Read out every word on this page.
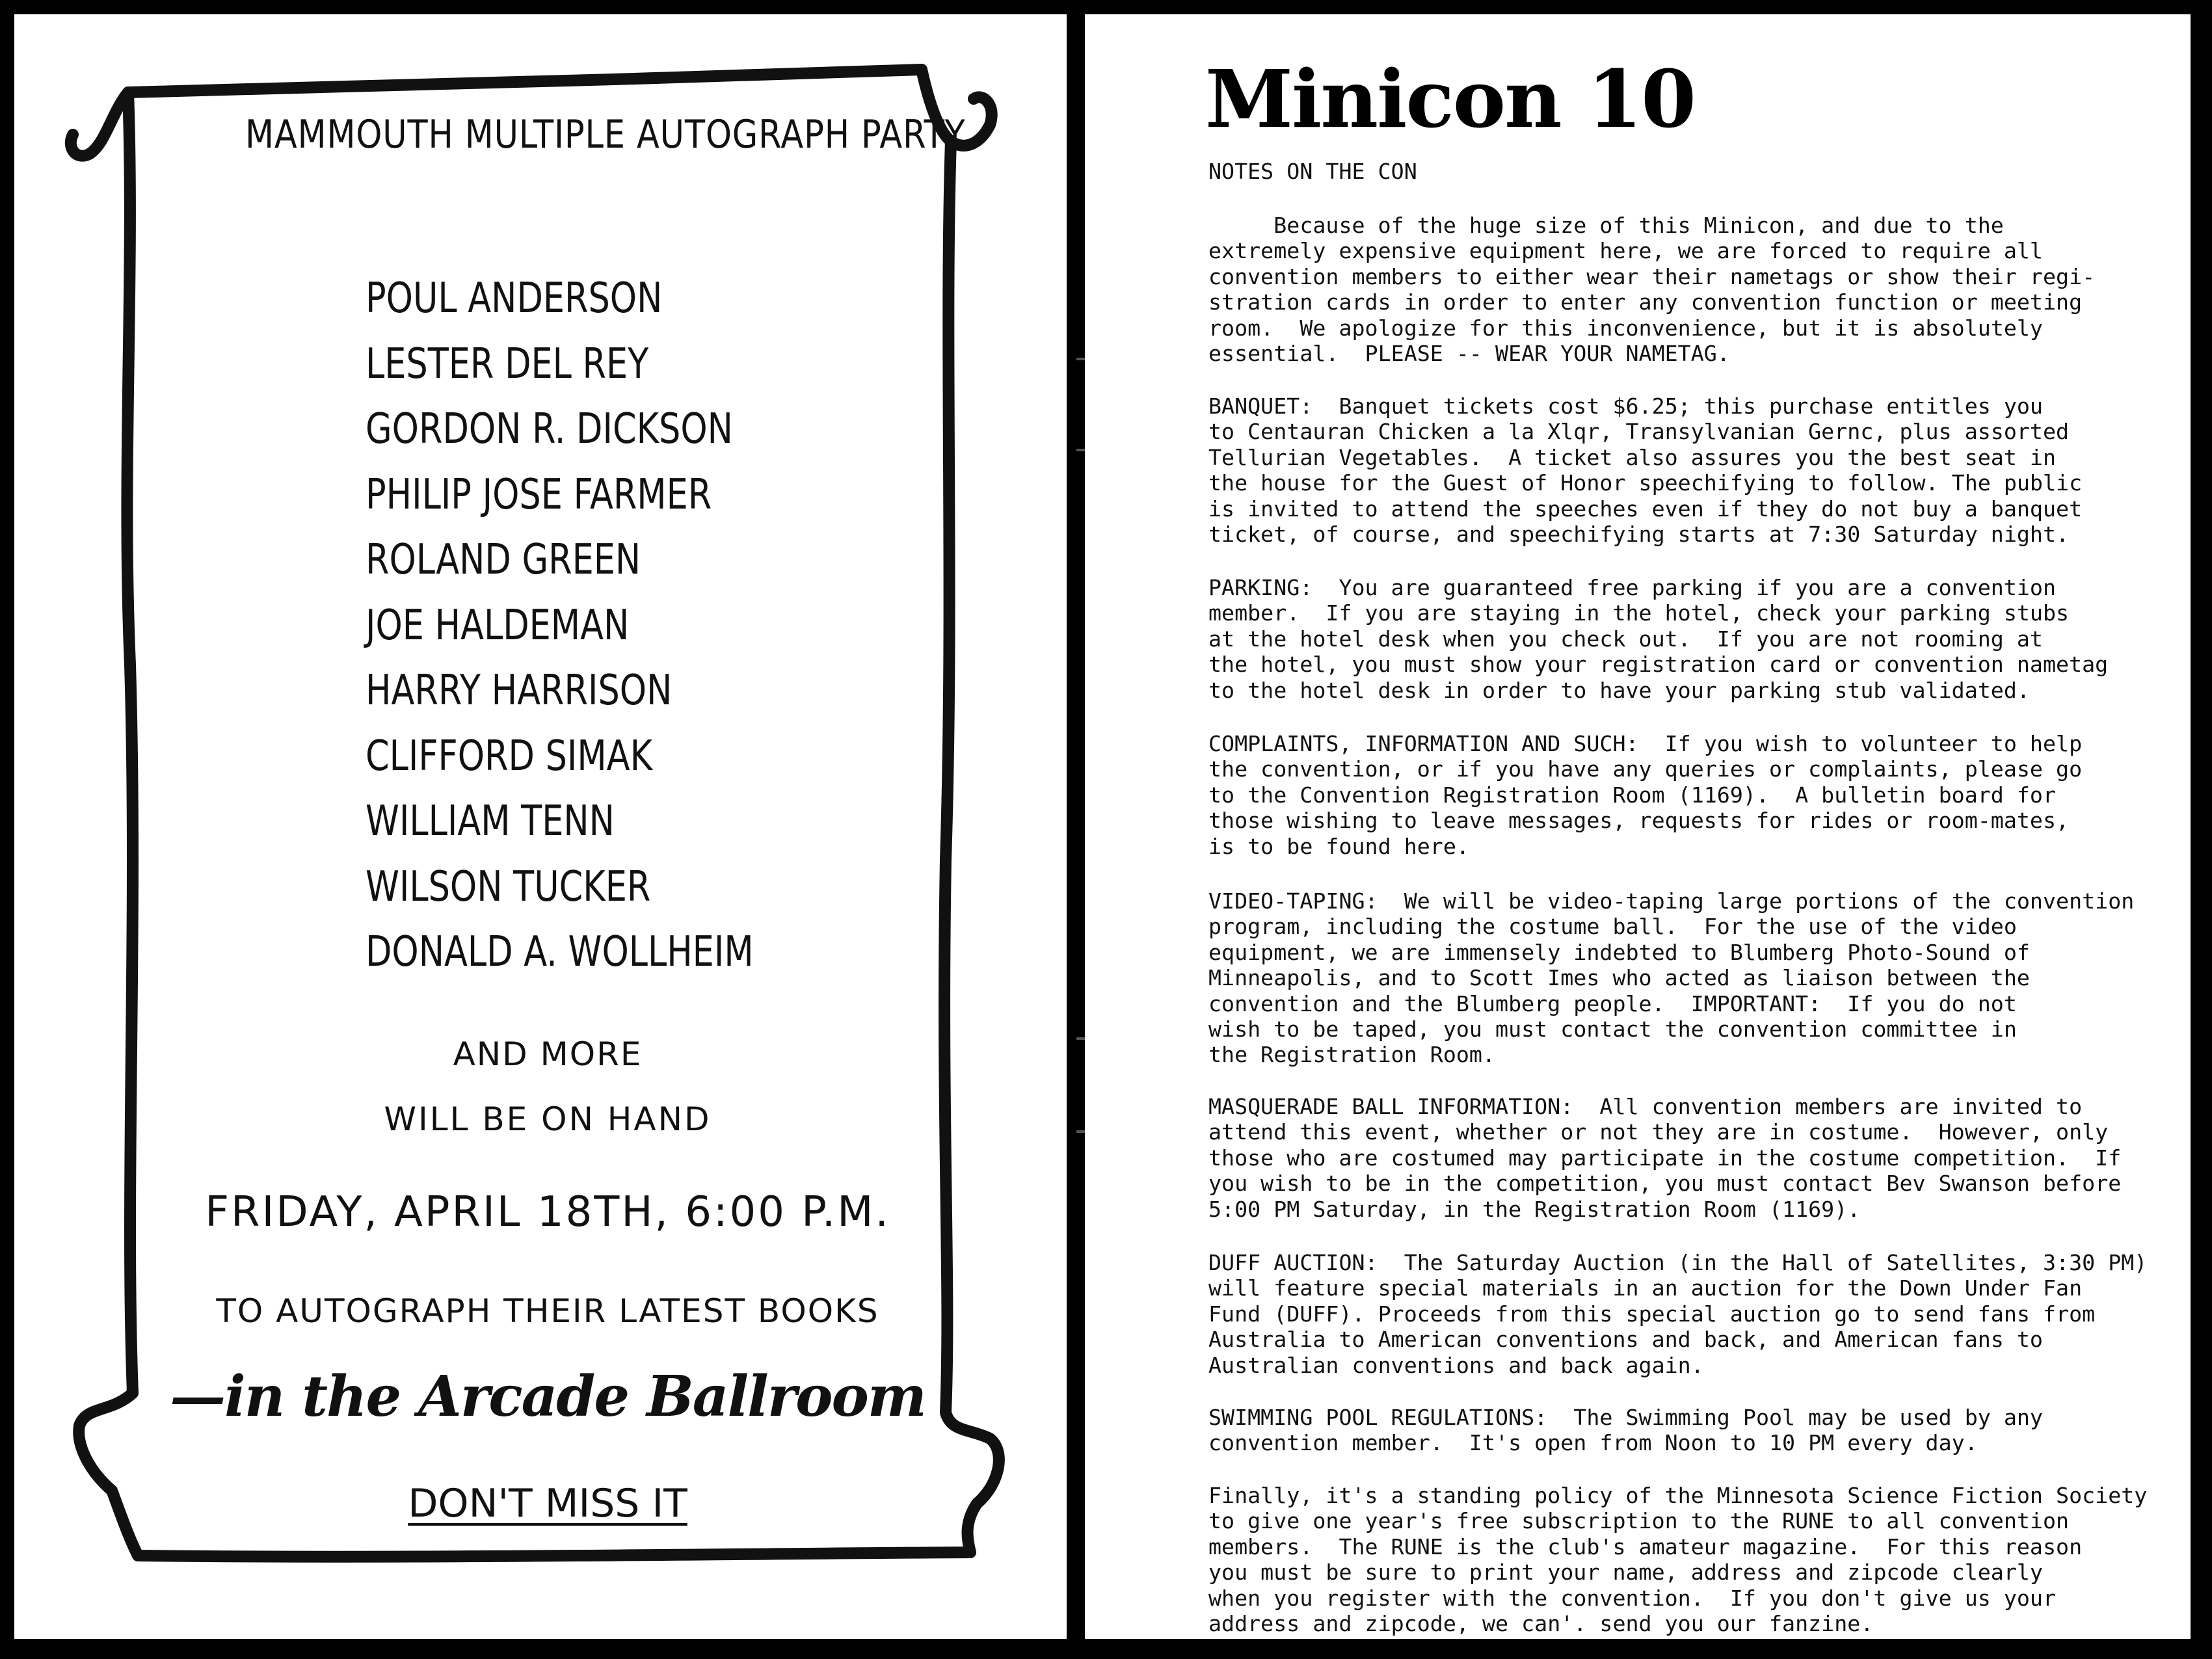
MAMMOUTH MULTIPLE AUTOGRAPH PARTY
POUL ANDERSON
LESTER DEL REY
GORDON R. DICKSON
PHILIP JOSE FARMER
ROLAND GREEN
JOE HALDEMAN
HARRY HARRISON
CLIFFORD SIMAK
WILLIAM TENN
WILSON TUCKER
DONALD A. WOLLHEIM
AND MORE
WILL BE ON HAND
FRIDAY, APRIL 18TH, 6:00 P.M.
TO AUTOGRAPH THEIR LATEST BOOKS
—in the Arcade Ballroom
DON'T MISS IT
Minicon 10
NOTES ON THE CON

Because of the huge size of this Minicon, and due to the
extremely expensive equipment here, we are forced to require all
convention members to either wear their nametags or show their regi-
stration cards in order to enter any convention function or meeting
room.  We apologize for this inconvenience, but it is absolutely
essential.  PLEASE -- WEAR YOUR NAMETAG.

BANQUET:  Banquet tickets cost $6.25; this purchase entitles you
to Centauran Chicken a la Xlqr, Transylvanian Gernc, plus assorted
Tellurian Vegetables.  A ticket also assures you the best seat in
the house for the Guest of Honor speechifying to follow. The public
is invited to attend the speeches even if they do not buy a banquet
ticket, of course, and speechifying starts at 7:30 Saturday night.

PARKING:  You are guaranteed free parking if you are a convention
member.  If you are staying in the hotel, check your parking stubs
at the hotel desk when you check out.  If you are not rooming at
the hotel, you must show your registration card or convention nametag
to the hotel desk in order to have your parking stub validated.

COMPLAINTS, INFORMATION AND SUCH:  If you wish to volunteer to help
the convention, or if you have any queries or complaints, please go
to the Convention Registration Room (1169).  A bulletin board for
those wishing to leave messages, requests for rides or room-mates,
is to be found here.

VIDEO-TAPING:  We will be video-taping large portions of the convention
program, including the costume ball.  For the use of the video
equipment, we are immensely indebted to Blumberg Photo-Sound of
Minneapolis, and to Scott Imes who acted as liaison between the
convention and the Blumberg people.  IMPORTANT:  If you do not
wish to be taped, you must contact the convention committee in
the Registration Room.

MASQUERADE BALL INFORMATION:  All convention members are invited to
attend this event, whether or not they are in costume.  However, only
those who are costumed may participate in the costume competition.  If
you wish to be in the competition, you must contact Bev Swanson before
5:00 PM Saturday, in the Registration Room (1169).

DUFF AUCTION:  The Saturday Auction (in the Hall of Satellites, 3:30 PM)
will feature special materials in an auction for the Down Under Fan
Fund (DUFF). Proceeds from this special auction go to send fans from
Australia to American conventions and back, and American fans to
Australian conventions and back again.

SWIMMING POOL REGULATIONS:  The Swimming Pool may be used by any
convention member.  It's open from Noon to 10 PM every day.

Finally, it's a standing policy of the Minnesota Science Fiction Society
to give one year's free subscription to the RUNE to all convention
members.  The RUNE is the club's amateur magazine.  For this reason
you must be sure to print your name, address and zipcode clearly
when you register with the convention.  If you don't give us your
address and zipcode, we can'. send you our fanzine.
